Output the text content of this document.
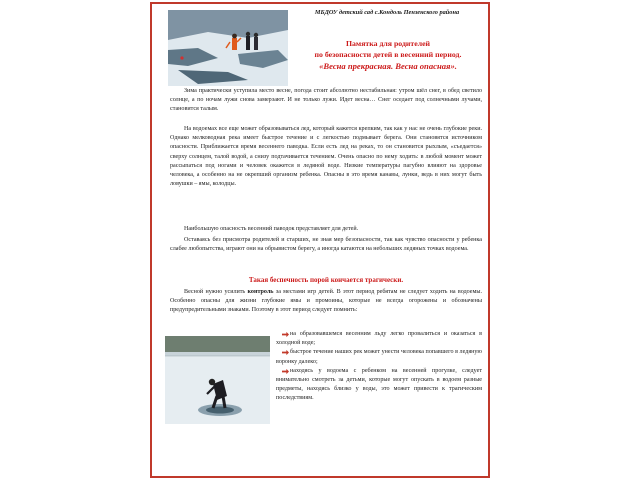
МБДОУ детский сад с.Кондоль Пензенского района
Памятка для родителей
по безопасности детей в весенний период.
«Весна прекрасная. Весна опасная».
Зима практически уступила место весне, погода стоит абсолютно нестабильная: утром шёл снег, в обед светило солнце, а по ночам лужи снова замерзают. И не только лужи. Идет весна… Снег оседает под солнечными лучами, становится талым.
На водоемах все еще может образовываться лед, который кажется крепким, так как у нас не очень глубокие реки. Однако мелководная река имеет быстрое течение и с легкостью подмывает берега. Они становятся источником опасности. Приближается время весеннего паводка. Если есть лед на реках, то он становится рыхлым, «съедается» сверху солнцем, талой водой, а снизу подтачивается течением. Очень опасно по нему ходить: в любой момент может рассыпаться под ногами и человек окажется в ледяной воде. Низкие температуры пагубно влияют на здоровье человека, а особенно на не окрепший организм ребенка. Опасны в это время канавы, лунки, ведь в них могут быть ловушки – ямы, колодцы.
Наибольшую опасность весенний паводок представляет для детей.
Оставаясь без присмотра родителей и старших, не зная мер безопасности, так как чувство опасности у ребенка слабее любопытства, играют они на обрывистом берегу, а иногда катаются на небольших ледяных точках водоема.
Такая беспечность порой кончается трагически.
Весной нужно усилить контроль за местами игр детей. В этот период ребятам не следует ходить на водоемы. Особенно опасны для жизни глубокие ямы и промоины, которые не всегда огорожены и обозначены предупредительными знаками. Поэтому в этот период следует помнить:
на образовавшемся весенним льду легко провалиться и оказаться в холодной воде;
быстрое течение наших рек может унести человека попавшего в ледяную воронку далеко;
находясь у водоема с ребенком на весенней прогулке, следует внимательно смотреть за детьми, которые могут опускать в водоем разные предметы, находясь близко у воды, это может привести к трагическим последствиям.
